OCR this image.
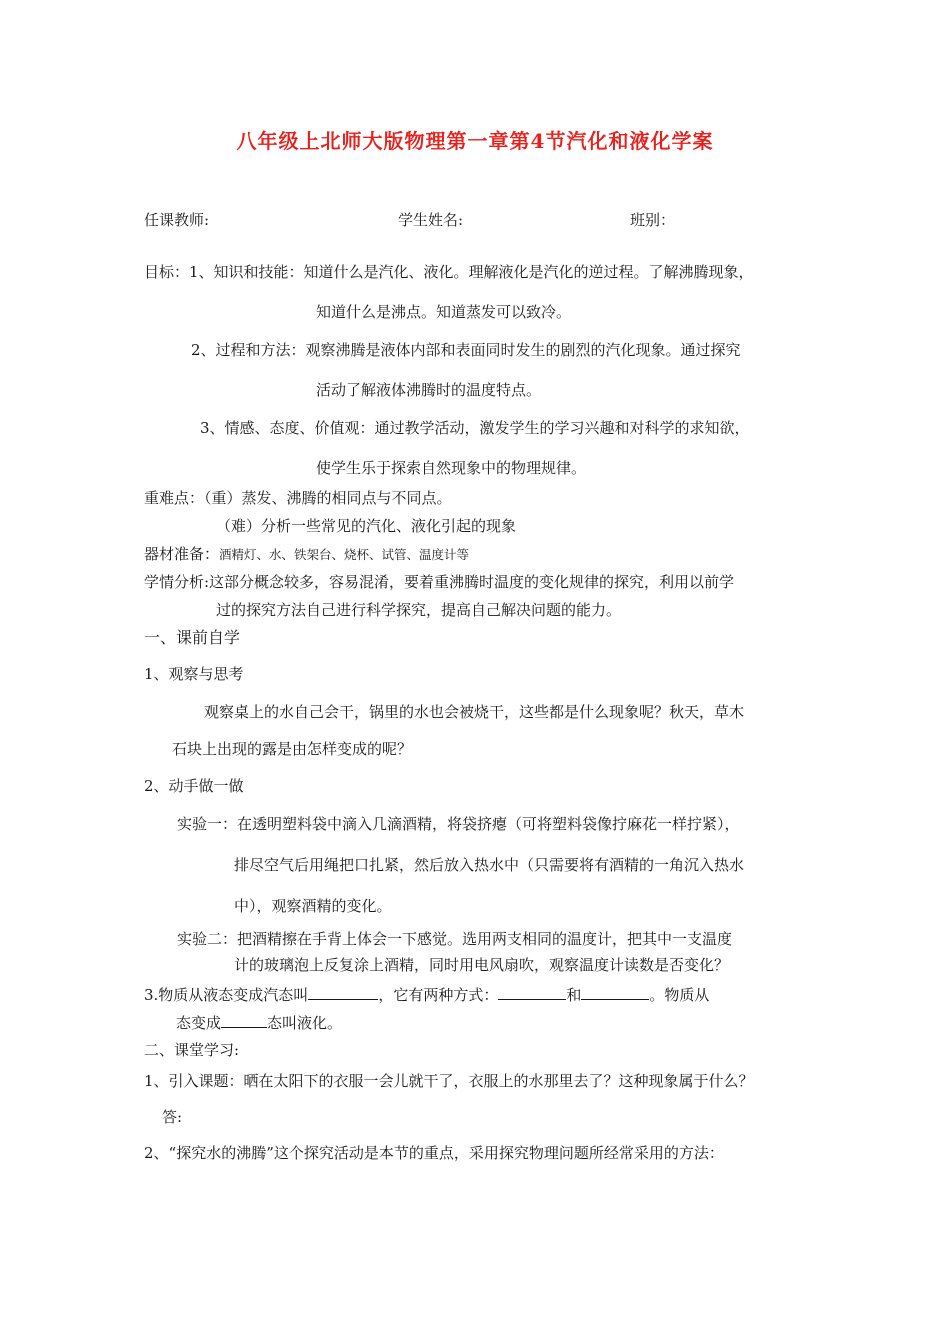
八年级上北师大版物理第一章第4节汽化和液化学案
任课教师:	学生姓名:	班别：
目标：1、知识和技能：知道什么是汽化、液化。理解液化是汽化的逆过程。了解沸腾现象，
知道什么是沸点。知道蒸发可以致冷。
2、过程和方法：观察沸腾是液体内部和表面同时发生的剧烈的汽化现象。通过探究
活动了解液体沸腾时的温度特点。
3、情感、态度、价值观：通过教学活动，激发学生的学习兴趣和对科学的求知欲，
使学生乐于探索自然现象中的物理规律。
重难点：（重）蒸发、沸腾的相同点与不同点。
（难）分析一些常见的汽化、液化引起的现象
器材准备：酒精灯、水、铁架台、烧杯、试管、温度计等
学情分析:这部分概念较多，容易混淆，要着重沸腾时温度的变化规律的探究，利用以前学
过的探究方法自己进行科学探究，提高自己解决问题的能力。
一、课前自学
1、观察与思考
观察桌上的水自己会干，锅里的水也会被烧干，这些都是什么现象呢？秋天，草木
石块上出现的露是由怎样变成的呢？
2、动手做一做
实验一：在透明塑料袋中滴入几滴酒精，将袋挤瘪（可将塑料袋像拧麻花一样拧紧），
排尽空气后用绳把口扎紧，然后放入热水中（只需要将有酒精的一角沉入热水
中），观察酒精的变化。
实验二：把酒精擦在手背上体会一下感觉。选用两支相同的温度计，把其中一支温度
计的玻璃泡上反复涂上酒精，同时用电风扇吹，观察温度计读数是否变化？
3.物质从液态变成汽态叫	，它有两种方式：	和	。物质从
态变成	态叫液化。
二、课堂学习:
1、引入课题：晒在太阳下的衣服一会儿就干了，衣服上的水那里去了？这种现象属于什么？
答:
2、“探究水的沸腾”这个探究活动是本节的重点，采用探究物理问题所经常采用的方法：
